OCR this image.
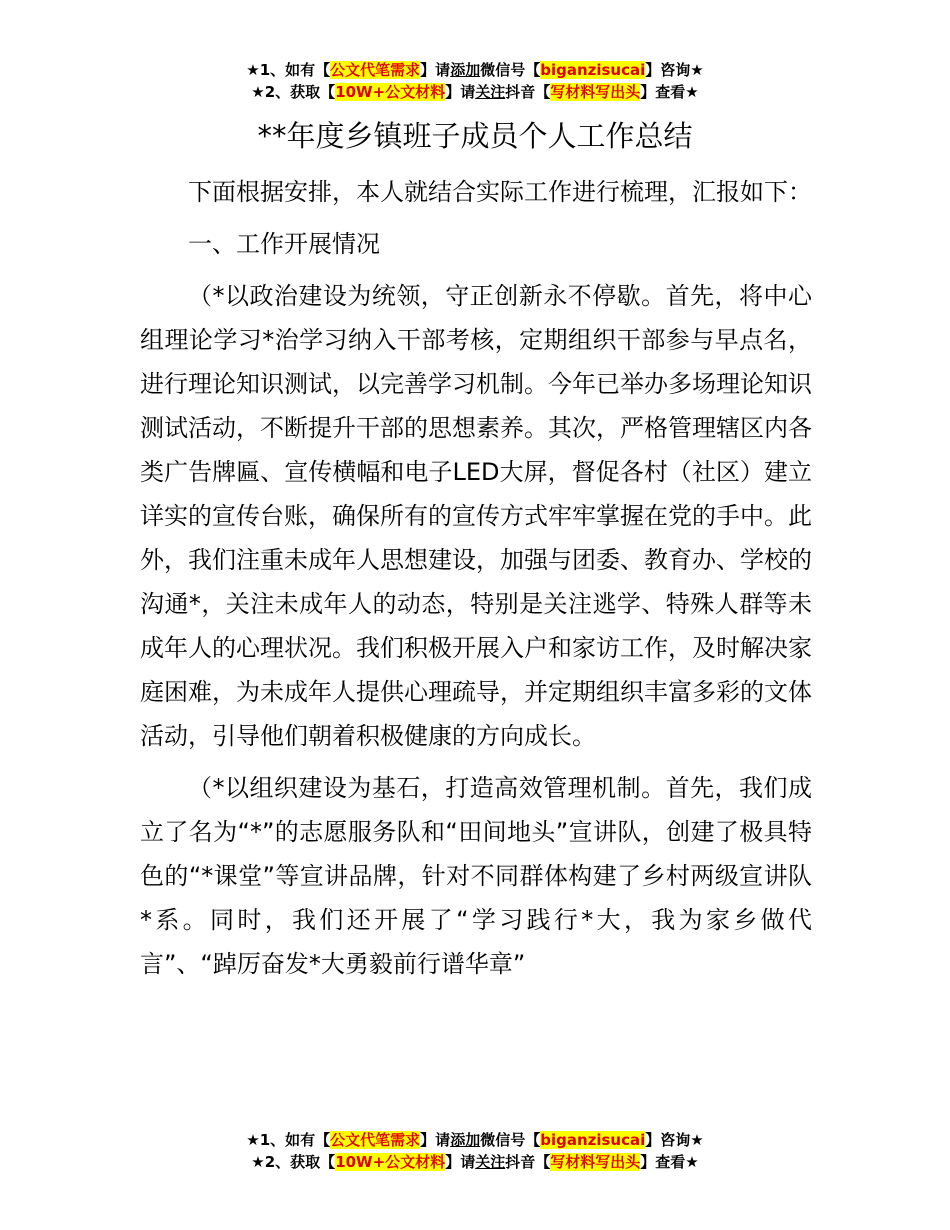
★1、如有【公文代笔需求】请添加微信号【biganzisucai】咨询★
★2、获取【10W+公文材料】请关注抖音【写材料写出头】查看★
**年度乡镇班子成员个人工作总结

下面根据安排，本人就结合实际工作进行梳理，汇报如下：

一、工作开展情况

（*以政治建设为统领，守正创新永不停歇。首先，将中心组理论学习*治学习纳入干部考核，定期组织干部参与早点名，进行理论知识测试，以完善学习机制。今年已举办多场理论知识测试活动，不断提升干部的思想素养。其次，严格管理辖区内各类广告牌匾、宣传横幅和电子LED大屏，督促各村（社区）建立详实的宣传台账，确保所有的宣传方式牢牢掌握在党的手中。此外，我们注重未成年人思想建设，加强与团委、教育办、学校的沟通*，关注未成年人的动态，特别是关注逃学、特殊人群等未成年人的心理状况。我们积极开展入户和家访工作，及时解决家庭困难，为未成年人提供心理疏导，并定期组织丰富多彩的文体活动，引导他们朝着积极健康的方向成长。

（*以组织建设为基石，打造高效管理机制。首先，我们成立了名为“*”的志愿服务队和“田间地头”宣讲队，创建了极具特色的“*课堂”等宣讲品牌，针对不同群体构建了乡村两级宣讲队*系。同时，我们还开展了“学习践行*大，我为家乡做代言”、“踔厉奋发*大勇毅前行谱华章”

★1、如有【公文代笔需求】请添加微信号【biganzisucai】咨询★
★2、获取【10W+公文材料】请关注抖音【写材料写出头】查看★
